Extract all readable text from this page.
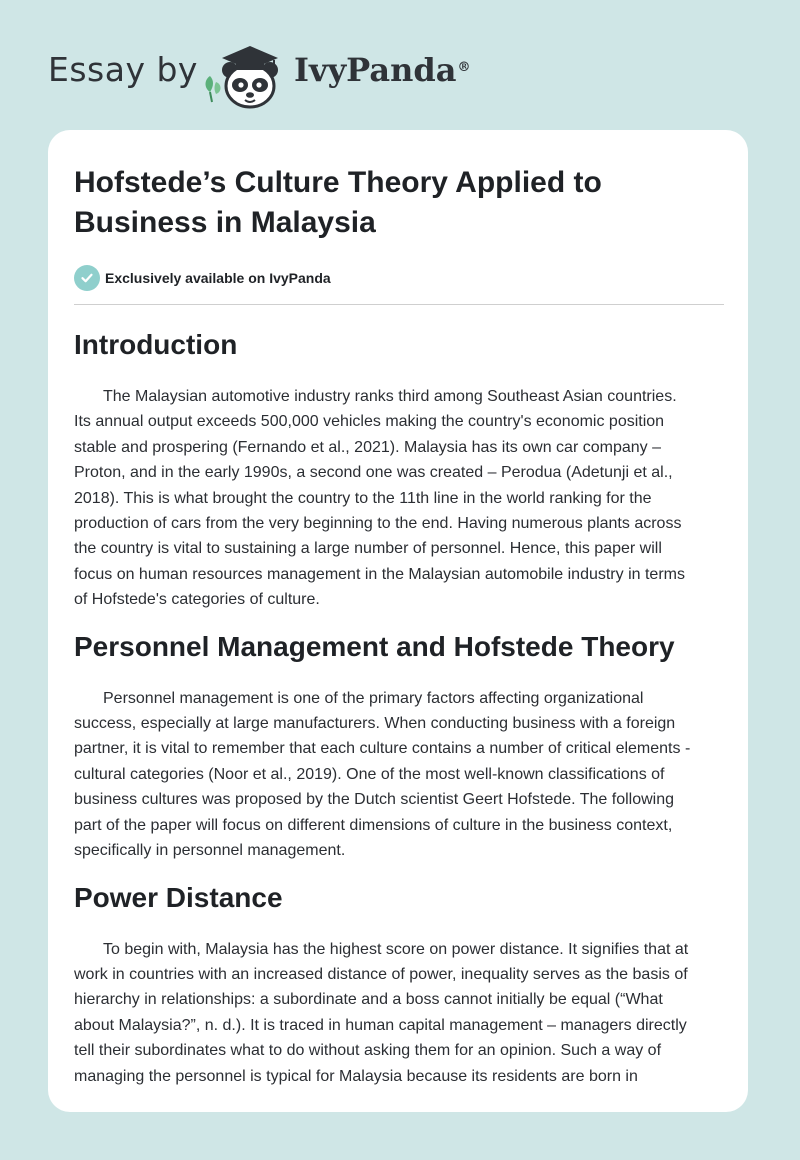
Essay by	IvyPanda®
Hofstede’s Culture Theory Applied to
Business in Malaysia
Exclusively available on IvyPanda
Introduction
The Malaysian automotive industry ranks third among Southeast Asian countries.
Its annual output exceeds 500,000 vehicles making the country's economic position
stable and prospering (Fernando et al., 2021). Malaysia has its own car company –
Proton, and in the early 1990s, a second one was created – Perodua (Adetunji et al.,
2018). This is what brought the country to the 11th line in the world ranking for the
production of cars from the very beginning to the end. Having numerous plants across
the country is vital to sustaining a large number of personnel. Hence, this paper will
focus on human resources management in the Malaysian automobile industry in terms
of Hofstede's categories of culture.
Personnel Management and Hofstede Theory
Personnel management is one of the primary factors affecting organizational
success, especially at large manufacturers. When conducting business with a foreign
partner, it is vital to remember that each culture contains a number of critical elements -
cultural categories (Noor et al., 2019). One of the most well-known classifications of
business cultures was proposed by the Dutch scientist Geert Hofstede. The following
part of the paper will focus on different dimensions of culture in the business context,
specifically in personnel management.
Power Distance
To begin with, Malaysia has the highest score on power distance. It signifies that at
work in countries with an increased distance of power, inequality serves as the basis of
hierarchy in relationships: a subordinate and a boss cannot initially be equal (“What
about Malaysia?”, n. d.). It is traced in human capital management – managers directly
tell their subordinates what to do without asking them for an opinion. Such a way of
managing the personnel is typical for Malaysia because its residents are born in
